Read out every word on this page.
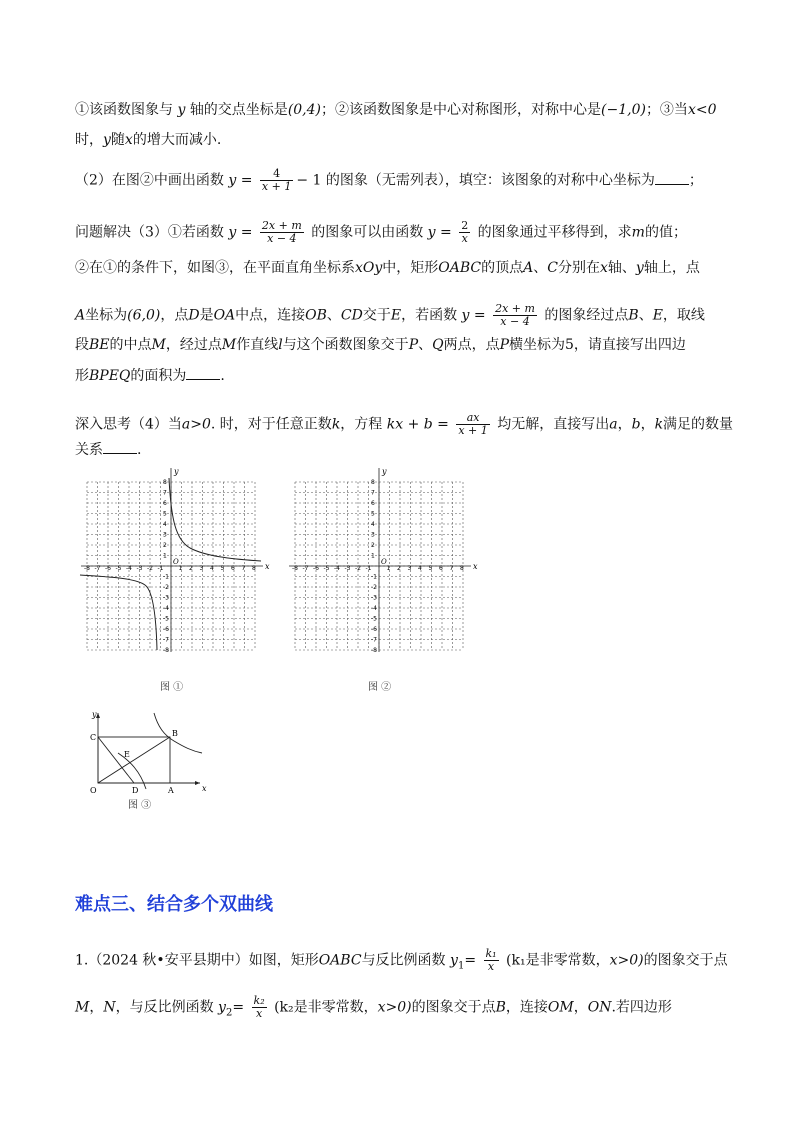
①该函数图象与 y 轴的交点坐标是(0,4)；②该函数图象是中心对称图形，对称中心是(−1,0)；③当x<0
时，y随x的增大而减小.
（2）在图②中画出函数 $y = \frac{4}{x + 1} - 1$ 的图象（无需列表），填空：该图象的对称中心坐标为 ；
问题解决（3）①若函数 $y = \frac{2x + m}{x - 4}$ 的图象可以由函数 $y = \frac{2}{x}$ 的图象通过平移得到，求m的值；
②在①的条件下，如图③，在平面直角坐标系xOy中，矩形OABC的顶点A、C分别在x轴、y轴上，点
A坐标为(6,0)，点D是OA中点，连接OB、CD交于E，若函数 $y = \frac{2x + m}{x - 4}$ 的图象经过点B、E，取线
段BE的中点M，经过点M作直线l与这个函数图象交于P、Q两点，点P横坐标为5，请直接写出四边
形BPEQ的面积为 .
深入思考（4）当a>0. 时，对于任意正数k，方程 kx + $b = \frac{ax}{x + 1}$ 均无解，直接写出a，b，k满足的数量
关系 .
-8
-8
-7
-7
-6
-6
-5
-5
-4
-4
-3
-3
-2
-2
-1
-1
1
1
2
2
3
3
4
4
5
5
6
6
7
7
8
8
x
y
O
图 ①
-8
-8
-7
-7
-6
-6
-5
-5
-4
-4
-3
-3
-2
-2
-1
-1
1
1
2
2
3
3
4
4
5
5
6
6
7
7
8
8
x
y
O
图 ②
O	A
B
C
D
E
x
y
图 ③
难点三、结合多个双曲线
1.（2024 秋•安平县期中）如图，矩形OABC与反比例函数 $y_1= \frac{\text{k₁}}{x} (k_1$是非零常数，x>0)的图象交于点
M，N，与反比例函数 $y_2= \frac{\text{k₂}}{x} (k_2$是非零常数，x>0)的图象交于点B，连接OM，ON.若四边形
